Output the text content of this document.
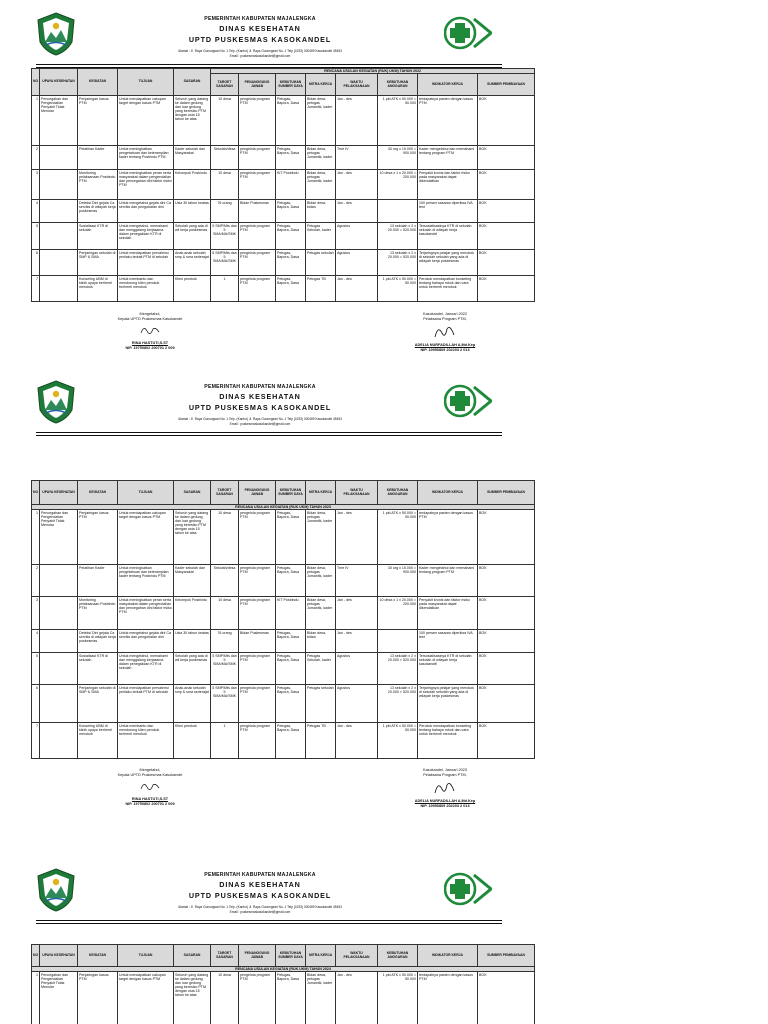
PEMERINTAH KABUPATEN MAJALENGKA
DINAS KESEHATAN
UPTD PUSKESMAS KASOKANDEL
Alamat : Jl. Raya Gunungsari No. 1 Telp. (Kantor) Jl. Raya Gunungsari No. 1 Telp (0233) 000489 Kasokandel 45453
Email : puskesmaskasokandel@gmail.com
NO	UPAYA KESEHATAN	KEGIATAN	TUJUAN	SASARAN	RENCANA USULAN KEGIATAN (RUK) UKM) TAHUN 2022							
					TARGET SASARAN	PENANGGUNG JAWAB	KEBUTUHAN SUMBER DAYA	MITRA KERJA	WAKTU PELAKSANAAN	KEBUTUHAN ANGGARAN	INDIKATOR KERJA	SUMBER PEMBIAYAAN
1	Pencegahan dan Pengendalian Penyakit Tidak Menular	Penjaringan kasus PTM	Untuk mendapatkan cakupan target dengan kasus PTM	Seluruh yang datang ke dalam gedung dan luar gedung yang beresiko PTM dengan usia 15 tahun ke atas	10 desa	pengelola program PTM	Petugas, Bapora, Dasa	Bidan desa, petugas Jumantik, kader	Jan - des	1 pkt ATK x 50.000 = 50.000	terdapatnya pasien dengan kasus PTM	BOK
2		Pelatihan Kader	Untuk meningkatkan pengetahuan dan keterampilan kader tentang Posbindu PTM	Kader sekolah dan Masyarakat	Sekolah/desa	pengelola program PTM	Petugas, Bapora, Dasa	Bidan desa, petugas Jumantik, kader	Tme IV	30 org x 15.000 = 900.000	Kader mengetahui dan memahami tentang program PTM	BOK
3		Monitoring pelaksanaan Posbindu PTM	Untuk meningkatkan peran serta masyarakat dalam pengendalian dan pencegahan dini faktor risiko PTM	Kelompok Posbindu	10 desa	pengelola program PTM	KIT Posbindu	Bidan desa, petugas Jumantik, kader	Jan - des	10 desa x 1 x 20.000 = 200.000	Penyakit kronis dan faktor risiko pada masyarakat dapat dikendalikan	BOK
4		Deteksi Dini gejala Ca serviks di wilayah kerja puskesmas	Untuk mengetahui gejala dini Ca serviks dan pengobatan dini	Usia 30 tahun keatas	76 orang	Bidan Puskesmas	Petugas, Bapora, Dasa	Bidan desa, bidan	Jan - des		100 persen sasaran diperiksa IVA test	BOK
5		Sosialisasi KTR di sekolah	Untuk mengetahui, memahami dan menggalang kerjasama dalam penegakkan KTR di sekolah	Sekolah yang ada di wil kerja puskesmas	5 SMP/Mts dan 5 SMA/MA/SMK	pengelola program PTM	Petugas, Bapora, Dasa	Petugas Sekolah, kader	Agustus	13 sekolah x 2 x 20.000 = 520.000	Tersosialisasinya KTR di sekolah sekolah di wilayah kerja kasokandel	BOK
6		Penjaringan sekolah di SMP & SMA	Untuk mendapatkan prevalensi perilaku terkait PTM di sekolah	Anak-anak sekolah smp & sma sederajat	5 SMP/Mts dan 5 SMA/MA/SMK	pengelola program PTM	Petugas, Bapora, Dasa	Petugas sekolah	Agustus	13 sekolah x 2 x 20.000 = 520.000	Terjaringnya pelajar yang merokok di sekolah sekolah yang ada di wilayah kerja puskesmas	BOK
7		Konseling UBM di klinik upaya berhenti merokok	Untuk membantu dan mendorong klien perokok berhenti merokok	Klien perokok	1	pengelola program PTM	Petugas, Bapora, Dasa	Petugas TB	Jan - des	1 pkt ATK x 50.000 = 50.000	Perokok mendapatkan konseling tentang bahaya rokok dan cara untuk berhenti merokok	BOK
Mengetahui,
Kepala UPTD Puskesmas Kasokandel
RINA HASTUTI,S.ST
NIP. 19750802 200701 2 009
Kasokandel, Januari 2022
Pelaksana Program PTM,
ADELIA NURFADILLAH A,Md.Kep
NIP. 19950809 202203 2 013
PEMERINTAH KABUPATEN MAJALENGKA
DINAS KESEHATAN
UPTD PUSKESMAS KASOKANDEL
Alamat : Jl. Raya Gunungsari No. 1 Telp. (Kantor) Jl. Raya Gunungsari No. 1 Telp (0233) 000489 Kasokandel 45453
Email : puskesmaskasokandel@gmail.com
NO	UPAYA KESEHATAN	KEGIATAN	TUJUAN	SASARAN	TARGET SASARAN	PENANGGUNG JAWAB	KEBUTUHAN SUMBER DAYA	MITRA KERJA	WAKTU PELAKSANAAN	KEBUTUHAN ANGGARAN	INDIKATOR KERJA	SUMBER PEMBIAYAAN
RENCANA USULAN KEGIATAN (RUK UKM) TAHUN 2023												
1	Pencegahan dan Pengendalian Penyakit Tidak Menular	Penjaringan kasus PTM	Untuk mendapatkan cakupan target dengan kasus PTM	Seluruh yang datang ke dalam gedung dan luar gedung yang beresiko PTM dengan usia 15 tahun ke atas	10 desa	pengelola program PTM	Petugas, Bapora, Dasa	Bidan desa, petugas Jumantik, kader	Jan - des	1 pkt ATK x 50.000 = 50.000	terdapatnya pasien dengan kasus PTM	BOK
2		Pelatihan Kader	Untuk meningkatkan pengetahuan dan keterampilan kader tentang Posbindu PTM	Kader sekolah dan Masyarakat	Sekolah/desa	pengelola program PTM	Petugas, Bapora, Dasa	Bidan desa, petugas Jumantik, kader	Tme IV	30 org x 15.000 = 900.000	Kader mengetahui dan memahami tentang program PTM	BOK
3		Monitoring pelaksanaan Posbindu PTM	Untuk meningkatkan peran serta masyarakat dalam pengendalian dan pencegahan dini faktor risiko PTM	Kelompok Posbindu	10 desa	pengelola program PTM	KIT Posbindu	Bidan desa, petugas Jumantik, kader	Jan - des	10 desa x 1 x 20.000 = 200.000	Penyakit kronis dan faktor risiko pada masyarakat dapat dikendalikan	BOK
4		Deteksi Dini gejala Ca serviks di wilayah kerja puskesmas	Untuk mengetahui gejala dini Ca serviks dan pengobatan dini	Usia 30 tahun keatas	76 orang	Bidan Puskesmas	Petugas, Bapora, Dasa	Bidan desa, bidan	Jan - des		100 persen sasaran diperiksa IVA test	BOK
5		Sosialisasi KTR di sekolah	Untuk mengetahui, memahami dan menggalang kerjasama dalam penegakkan KTR di sekolah	Sekolah yang ada di wil kerja puskesmas	5 SMP/Mts dan 5 SMA/MA/SMK	pengelola program PTM	Petugas, Bapora, Dasa	Petugas Sekolah, kader	Agustus	13 sekolah x 2 x 20.000 = 520.000	Tersosialisasinya KTR di sekolah sekolah di wilayah kerja kasokandel	BOK
6		Penjaringan sekolah di SMP & SMA	Untuk mendapatkan prevalensi perilaku terkait PTM di sekolah	Anak-anak sekolah smp & sma sederajat	5 SMP/Mts dan 5 SMA/MA/SMK	pengelola program PTM	Petugas, Bapora, Dasa	Petugas sekolah	Agustus	13 sekolah x 2 x 20.000 = 520.000	Terjaringnya pelajar yang merokok di sekolah sekolah yang ada di wilayah kerja puskesmas	BOK
7		Konseling UBM di klinik upaya berhenti merokok	Untuk membantu dan mendorong klien perokok berhenti merokok	Klien perokok	1	pengelola program PTM	Petugas, Bapora, Dasa	Petugas TB	Jan - des	1 pkt ATK x 50.000 = 50.000	Perokok mendapatkan konseling tentang bahaya rokok dan cara untuk berhenti merokok	BOK
Mengetahui,
Kepala UPTD Puskesmas Kasokandel
RINA HASTUTI,S.ST
NIP. 19750802 200701 2 009
Kasokandel, Januari 2023
Pelaksana Program PTM,
ADELIA NURFADILLAH A,Md.Kep
NIP. 19950809 202203 2 013
PEMERINTAH KABUPATEN MAJALENGKA
DINAS KESEHATAN
UPTD PUSKESMAS KASOKANDEL
Alamat : Jl. Raya Gunungsari No. 1 Telp. (Kantor) Jl. Raya Gunungsari No. 1 Telp (0233) 000489 Kasokandel 45453
Email : puskesmaskasokandel@gmail.com
NO	UPAYA KESEHATAN	KEGIATAN	TUJUAN	SASARAN	TARGET SASARAN	PENANGGUNG JAWAB	KEBUTUHAN SUMBER DAYA	MITRA KERJA	WAKTU PELAKSANAAN	KEBUTUHAN ANGGARAN	INDIKATOR KERJA	SUMBER PEMBIAYAAN
RENCANA USULAN KEGIATAN (RUK UKM) TAHUN 2024												
1	Pencegahan dan Pengendalian Penyakit Tidak Menular	Penjaringan kasus PTM	Untuk mendapatkan cakupan target dengan kasus PTM	Seluruh yang datang ke dalam gedung dan luar gedung yang beresiko PTM dengan usia 15 tahun ke atas	10 desa	pengelola program PTM	Petugas, Bapora, Dasa	Bidan desa, petugas Jumantik, kader	Jan - des	1 pkt ATK x 50.000 = 50.000	terdapatnya pasien dengan kasus PTM	BOK
